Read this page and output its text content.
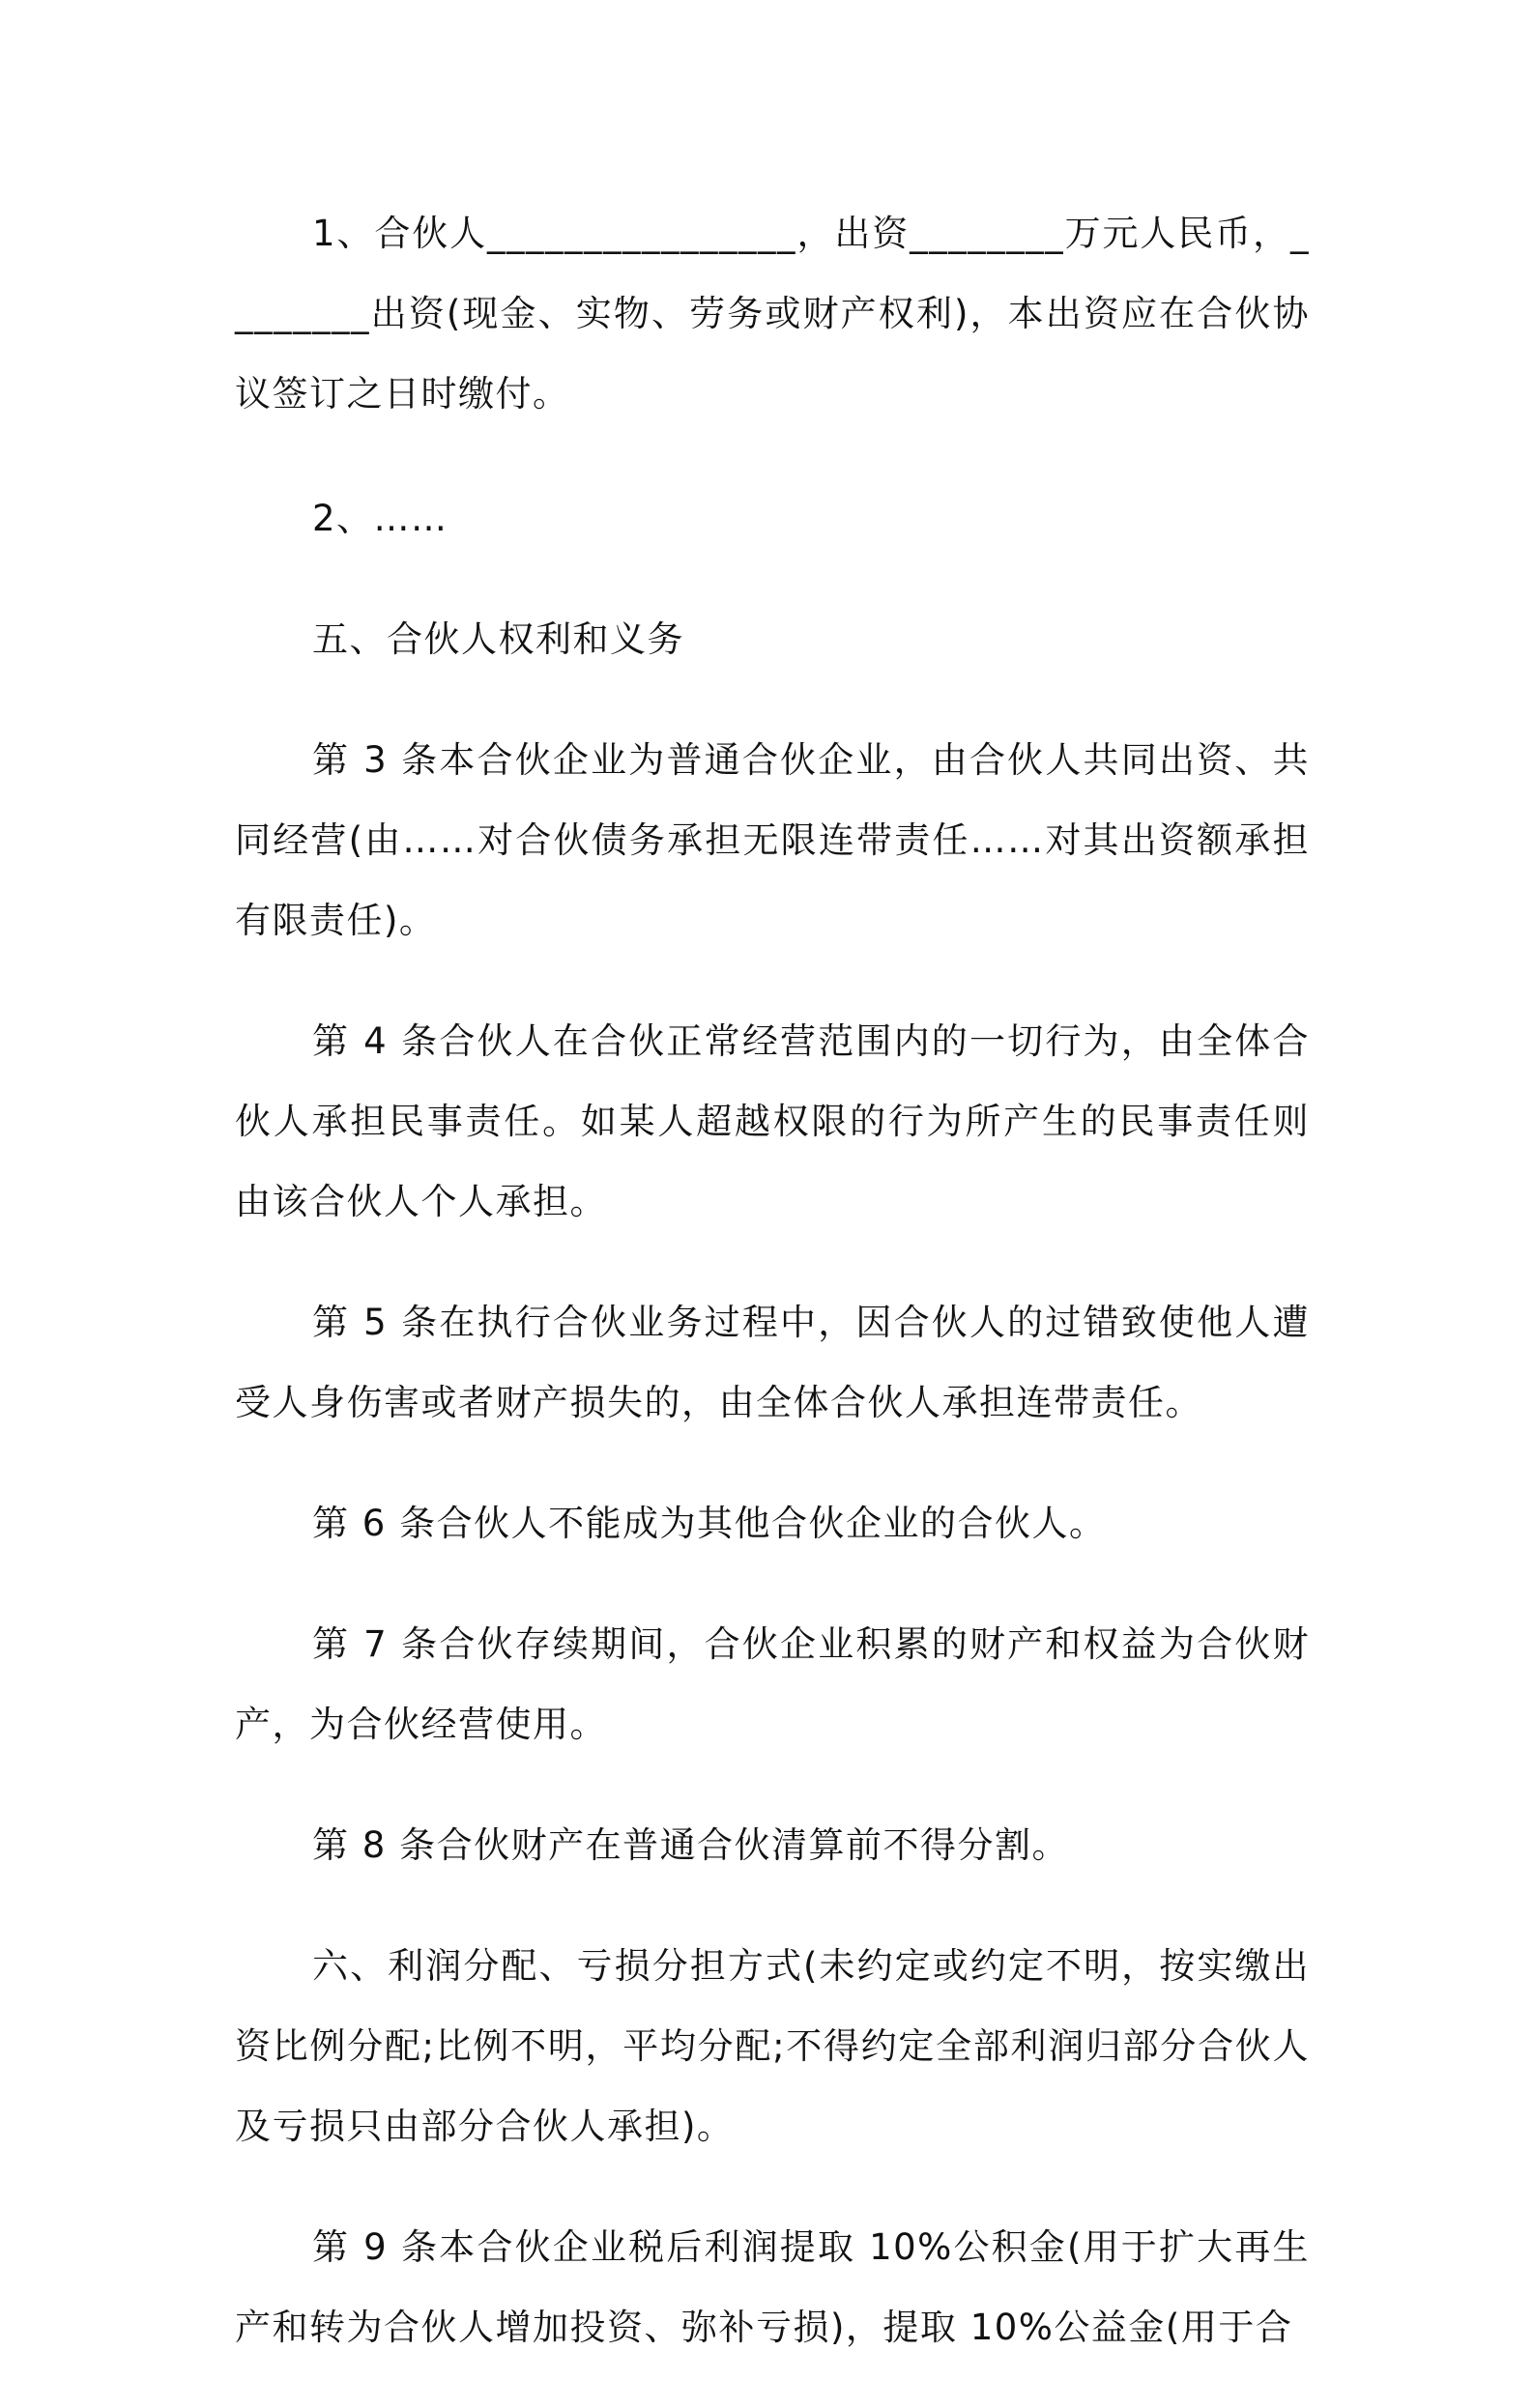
1、合伙人________________，出资________万元人民币，________出资(现金、实物、劳务或财产权利)，本出资应在合伙协议签订之日时缴付。

2、……

五、合伙人权利和义务

第 3 条本合伙企业为普通合伙企业，由合伙人共同出资、共同经营(由……对合伙债务承担无限连带责任……对其出资额承担有限责任)。

第 4 条合伙人在合伙正常经营范围内的一切行为，由全体合伙人承担民事责任。如某人超越权限的行为所产生的民事责任则由该合伙人个人承担。

第 5 条在执行合伙业务过程中，因合伙人的过错致使他人遭受人身伤害或者财产损失的，由全体合伙人承担连带责任。

第 6 条合伙人不能成为其他合伙企业的合伙人。

第 7 条合伙存续期间，合伙企业积累的财产和权益为合伙财产，为合伙经营使用。

第 8 条合伙财产在普通合伙清算前不得分割。

六、利润分配、亏损分担方式(未约定或约定不明，按实缴出资比例分配;比例不明，平均分配;不得约定全部利润归部分合伙人及亏损只由部分合伙人承担)。

第 9 条本合伙企业税后利润提取 10%公积金(用于扩大再生产和转为合伙人增加投资、弥补亏损)，提取 10%公益金(用于合
